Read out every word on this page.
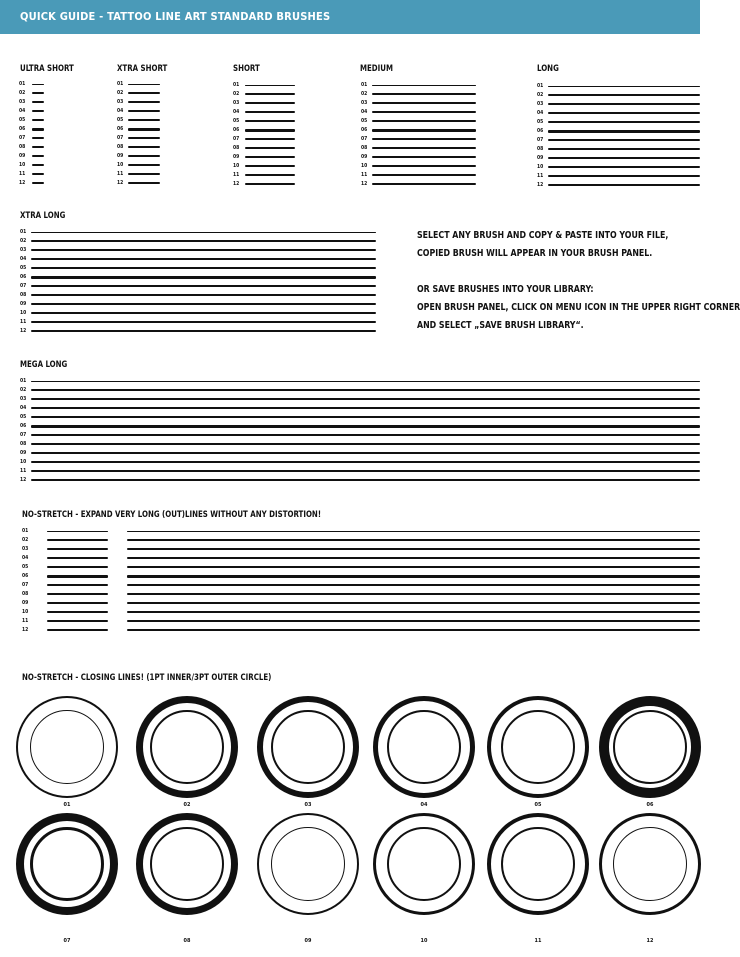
QUICK GUIDE - TATTOO LINE ART STANDARD BRUSHES
ULTRA SHORT	XTRA SHORT	SHORT	MEDIUM	LONG
XTRA LONG
MEGA LONG
NO-STRETCH - EXPAND VERY LONG (OUT)LINES WITHOUT ANY DISTORTION!
NO-STRETCH - CLOSING LINES! (1PT INNER/3PT OUTER CIRCLE)
SELECT ANY BRUSH AND COPY & PASTE INTO YOUR FILE,
COPIED BRUSH WILL APPEAR IN YOUR BRUSH PANEL.
OR SAVE BRUSHES INTO YOUR LIBRARY:
OPEN BRUSH PANEL, CLICK ON MENU ICON IN THE UPPER RIGHT CORNER
AND SELECT „SAVE BRUSH LIBRARY“.
01
02
03
04
05
06
07
08
09
10
11
12
01
02
03
04
05
06
07
08
09
10
11
12
01
02
03
04
05
06
07
08
09
10
11
12
01
02
03
04
05
06
07
08
09
10
11
12
01
02
03
04
05
06
07
08
09
10
11
12
01
02
03
04
05
06
07
08
09
10
11
12
01
02
03
04
05
06
07
08
09
10
11
12
01
02
03
04
05
06
07
08
09
10
11
12
01	02	03	04	05	06
07	08	09	10	11	12
